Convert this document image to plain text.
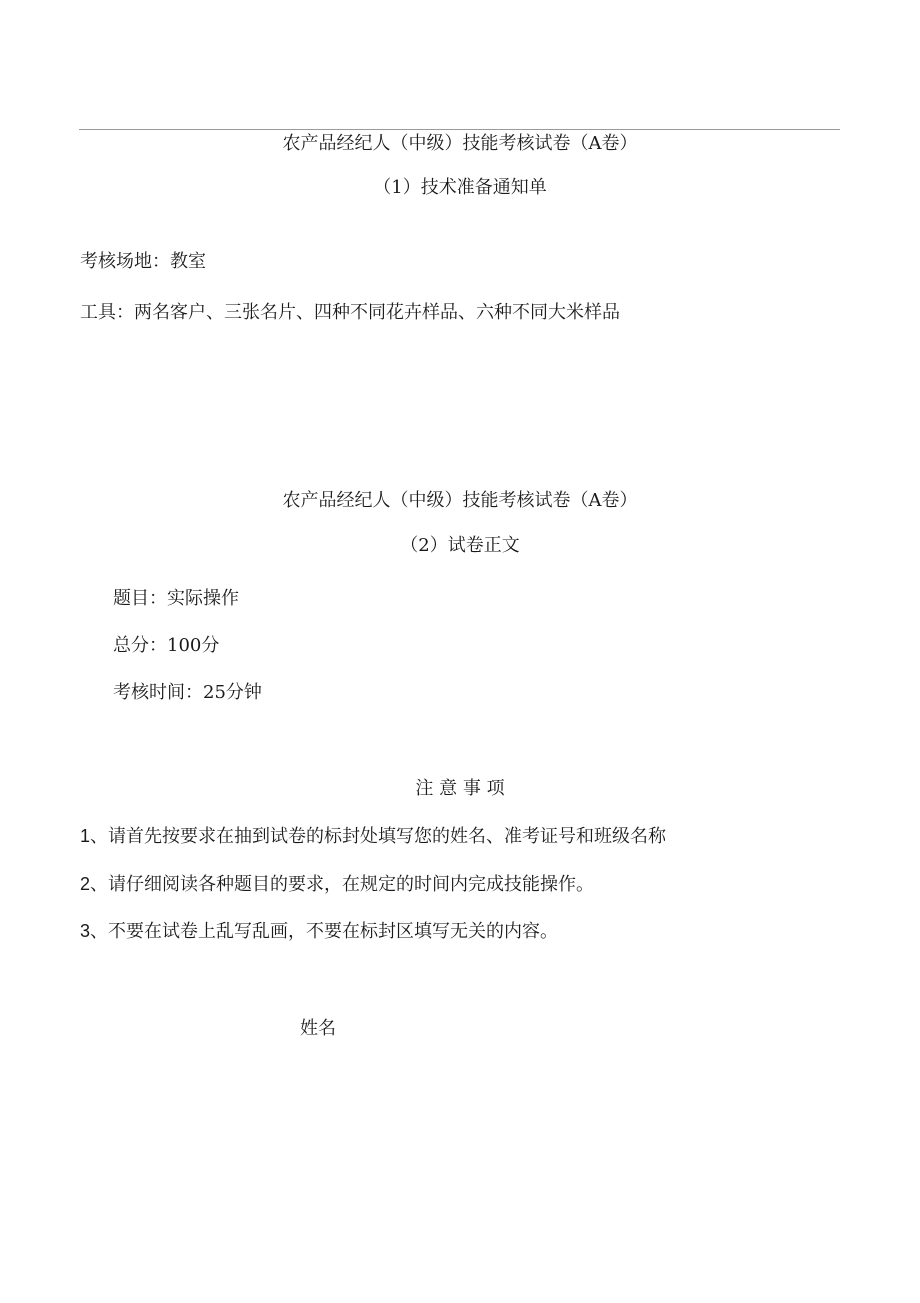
农产品经纪人（中级）技能考核试卷（A卷）
（1）技术准备通知单
考核场地：教室
工具：两名客户、三张名片、四种不同花卉样品、六种不同大米样品
农产品经纪人（中级）技能考核试卷（A卷）
（2）试卷正文
题目：实际操作
总分：100分
考核时间：25分钟
注 意 事 项
1、请首先按要求在抽到试卷的标封处填写您的姓名、准考证号和班级名称
2、请仔细阅读各种题目的要求，在规定的时间内完成技能操作。
3、不要在试卷上乱写乱画，不要在标封区填写无关的内容。
姓名
